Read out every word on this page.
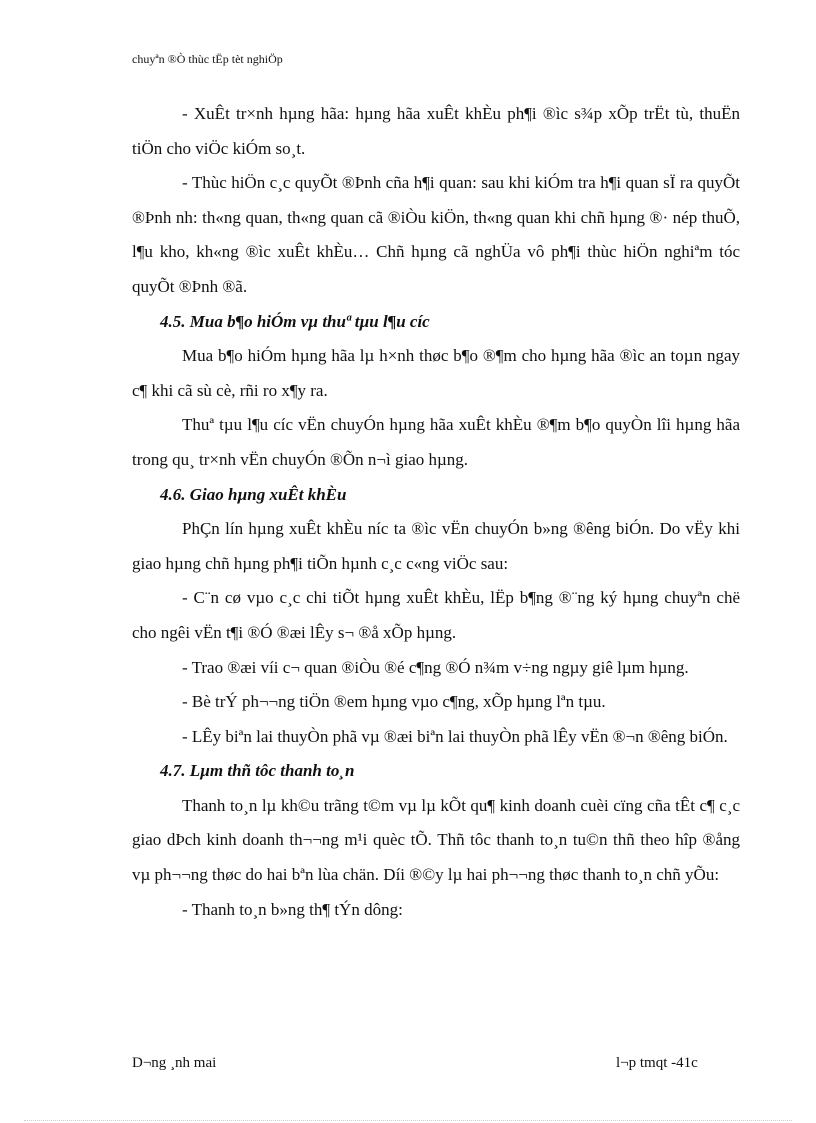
chuyªn ®Ò thùc tËp tèt nghiÖp

- XuÊt tr×nh hµng hãa: hµng hãa xuÊt khÈu ph¶i ®ìc s¾p xÕp trËt tù, thuËn tiÖn cho viÖc kiÓm so¸t.

- Thùc hiÖn c¸c quyÕt ®Þnh cña h¶i quan: sau khi kiÓm tra h¶i quan sÏ ra quyÕt ®Þnh nh: th«ng quan, th«ng quan cã ®iÒu kiÖn, th«ng quan khi chñ hµng ®· nép thuÕ, l¶u kho, kh«ng ®ìc xuÊt khÈu… Chñ hµng cã nghÜa vô ph¶i thùc hiÖn nghiªm tóc quyÕt ®Þnh ®ã.

4.5. Mua b¶o hiÓm vµ thuª tµu l¶u cíc

Mua b¶o hiÓm hµng hãa lµ h×nh thøc b¶o ®¶m cho hµng hãa ®ìc an toµn ngay c¶ khi cã sù cè, rñi ro x¶y ra.

Thuª tµu l¶u cíc vËn chuyÓn hµng hãa xuÊt khÈu ®¶m b¶o quyÒn lîi hµng hãa trong qu¸ tr×nh vËn chuyÓn ®Õn n¬ì giao hµng.

4.6. Giao hµng xuÊt khÈu

PhÇn lín hµng xuÊt khÈu níc ta ®ìc vËn chuyÓn b»ng ®êng biÓn. Do vËy khi giao hµng chñ hµng ph¶i tiÕn hµnh c¸c c«ng viÖc sau:

- C¨n cø vµo c¸c chi tiÕt hµng xuÊt khÈu, lËp b¶ng ®¨ng ký hµng chuyªn chë cho ngêi vËn t¶i ®Ó ®æi lÊy s¬ ®å xÕp hµng.

- Trao ®æi víi c¬ quan ®iÒu ®é c¶ng ®Ó n¾m v÷ng ngµy giê lµm hµng.

- Bè trÝ ph¬¬ng tiÖn ®em hµng vµo c¶ng, xÕp hµng lªn tµu.

- LÊy biªn lai thuyÒn phã vµ ®æi biªn lai thuyÒn phã lÊy vËn ®¬n ®êng biÓn.

4.7. Lµm thñ tôc thanh to¸n

Thanh to¸n lµ kh©u trãng t©m vµ lµ kÕt qu¶ kinh doanh cuèi cïng cña tÊt c¶ c¸c giao dÞch kinh doanh th¬¬ng m¹i quèc tÕ. Thñ tôc thanh to¸n tu©n thñ theo hîp ®ång vµ ph¬¬ng thøc do hai bªn lùa chän. Díi ®©y lµ hai ph¬¬ng thøc thanh to¸n chñ yÕu:

- Thanh to¸n b»ng th¶ tÝn dông:

D¬ng ¸nh mai	l¬p tmqt -41c
